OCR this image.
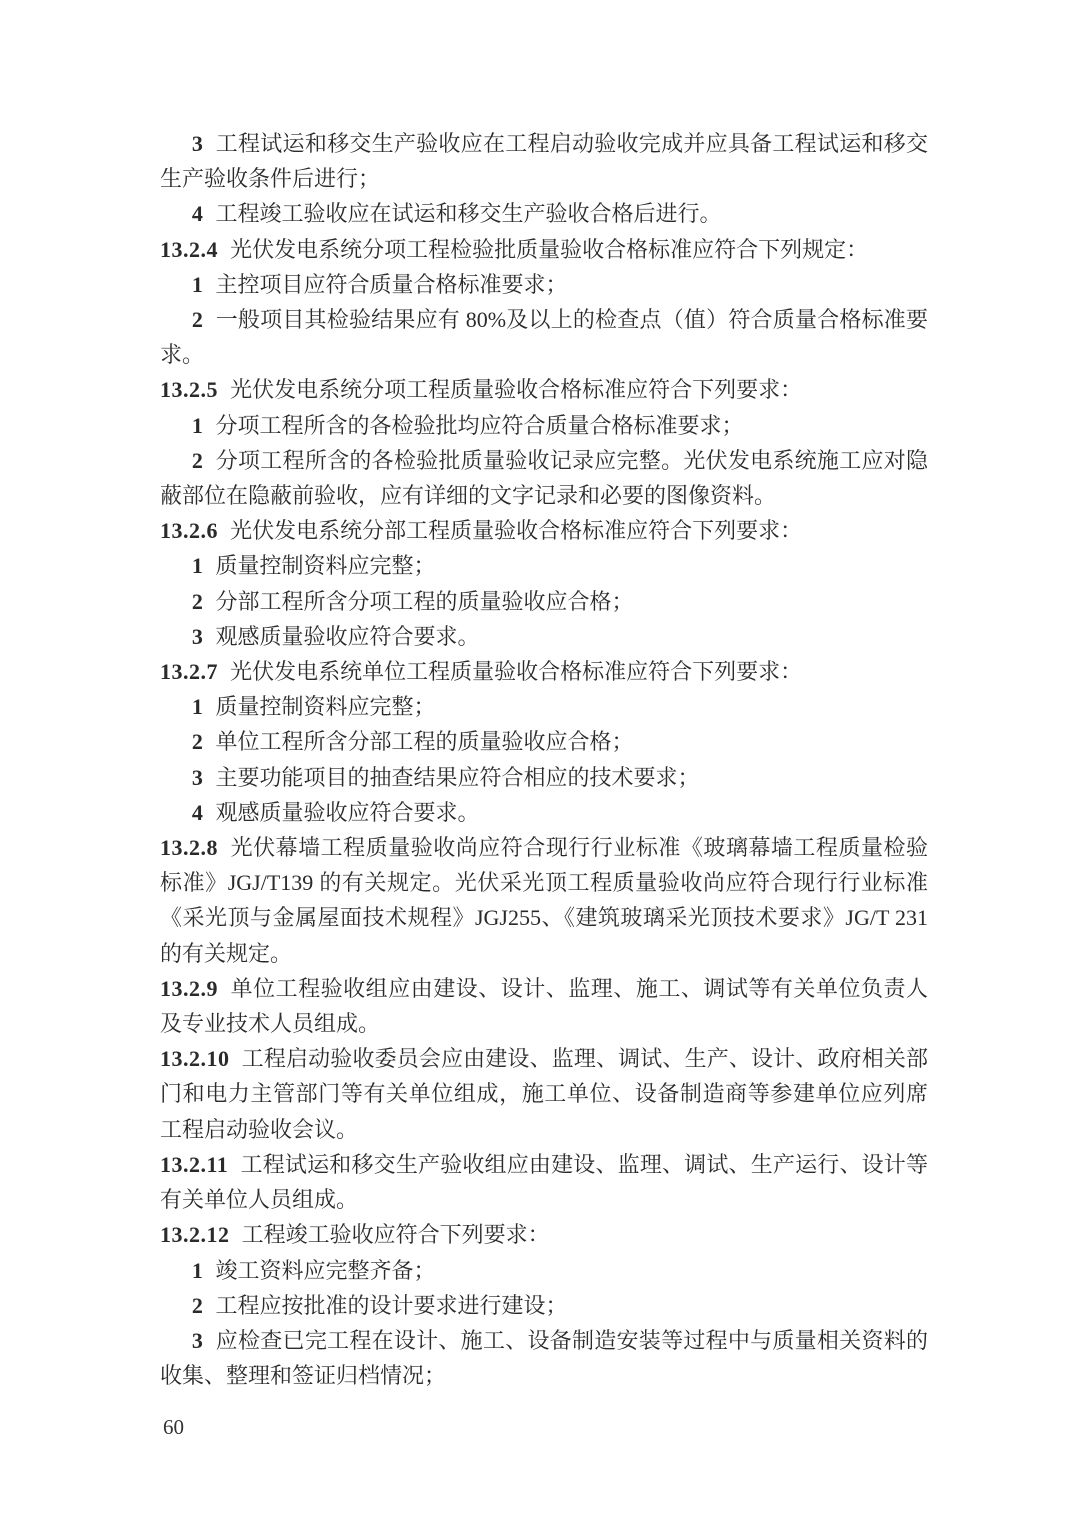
3 工程试运和移交生产验收应在工程启动验收完成并应具备工程试运和移交生产验收条件后进行；

4 工程竣工验收应在试运和移交生产验收合格后进行。

13.2.4 光伏发电系统分项工程检验批质量验收合格标准应符合下列规定：

1 主控项目应符合质量合格标准要求；

2 一般项目其检验结果应有 80%及以上的检查点（值）符合质量合格标准要求。

13.2.5 光伏发电系统分项工程质量验收合格标准应符合下列要求：

1 分项工程所含的各检验批均应符合质量合格标准要求；

2 分项工程所含的各检验批质量验收记录应完整。光伏发电系统施工应对隐蔽部位在隐蔽前验收，应有详细的文字记录和必要的图像资料。

13.2.6 光伏发电系统分部工程质量验收合格标准应符合下列要求：

1 质量控制资料应完整；

2 分部工程所含分项工程的质量验收应合格；

3 观感质量验收应符合要求。

13.2.7 光伏发电系统单位工程质量验收合格标准应符合下列要求：

1 质量控制资料应完整；

2 单位工程所含分部工程的质量验收应合格；

3 主要功能项目的抽查结果应符合相应的技术要求；

4 观感质量验收应符合要求。

13.2.8 光伏幕墙工程质量验收尚应符合现行行业标准《玻璃幕墙工程质量检验标准》JGJ/T139 的有关规定。光伏采光顶工程质量验收尚应符合现行行业标准《采光顶与金属屋面技术规程》JGJ255、《建筑玻璃采光顶技术要求》JG/T 231 的有关规定。

13.2.9 单位工程验收组应由建设、设计、监理、施工、调试等有关单位负责人及专业技术人员组成。

13.2.10 工程启动验收委员会应由建设、监理、调试、生产、设计、政府相关部门和电力主管部门等有关单位组成，施工单位、设备制造商等参建单位应列席工程启动验收会议。

13.2.11 工程试运和移交生产验收组应由建设、监理、调试、生产运行、设计等有关单位人员组成。

13.2.12 工程竣工验收应符合下列要求：

1 竣工资料应完整齐备；

2 工程应按批准的设计要求进行建设；

3 应检查已完工程在设计、施工、设备制造安装等过程中与质量相关资料的收集、整理和签证归档情况；

60
